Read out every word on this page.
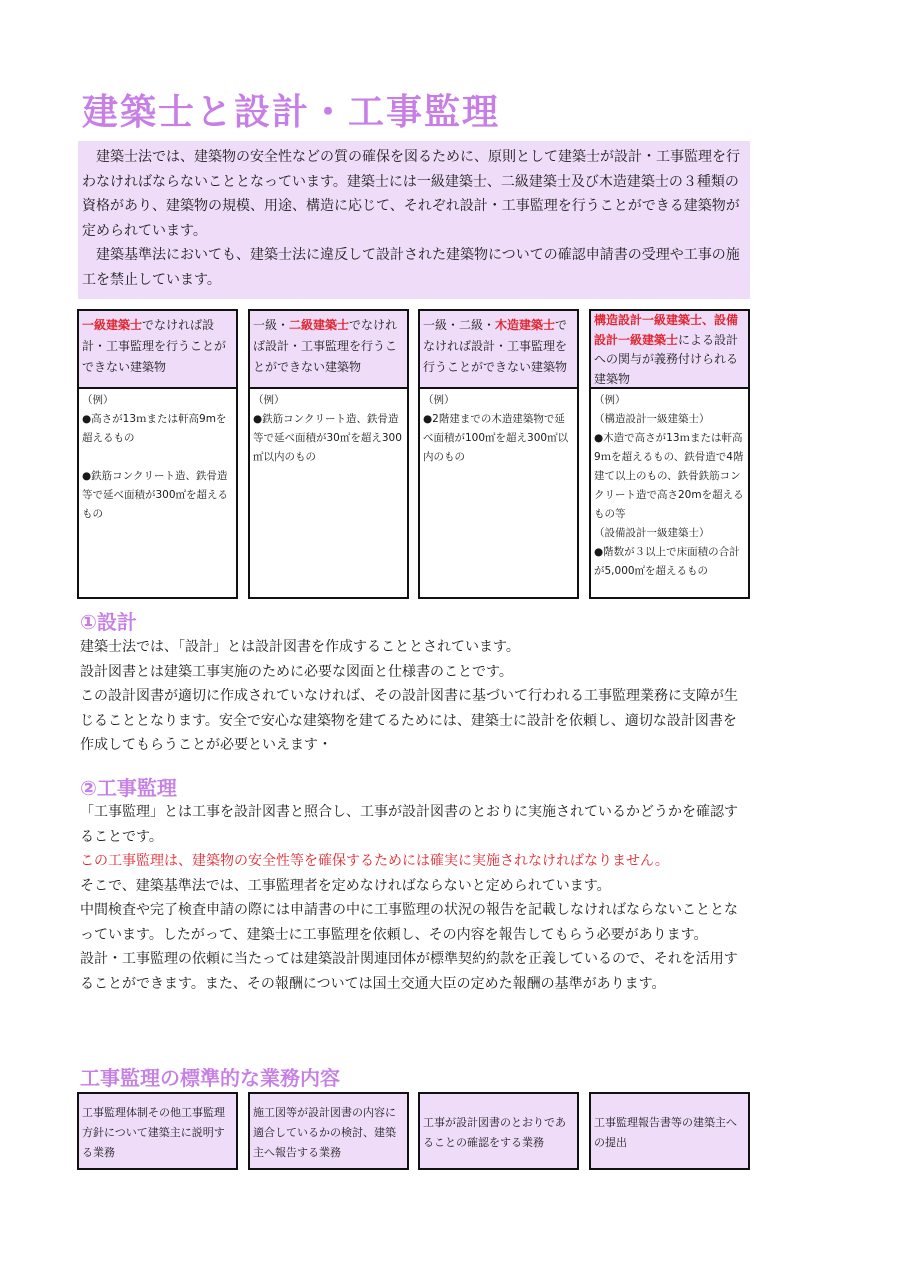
建築士と設計・工事監理

建築士法では、建築物の安全性などの質の確保を図るために、原則として建築士が設計・工事監理を行わなければならないこととなっています。建築士には一級建築士、二級建築士及び木造建築士の３種類の資格があり、建築物の規模、用途、構造に応じて、それぞれ設計・工事監理を行うことができる建築物が定められています。

建築基準法においても、建築士法に違反して設計された建築物についての確認申請書の受理や工事の施工を禁止しています。

一級建築士でなければ設計・工事監理を行うことができない建築物
（例）
●高さが13ｍまたは軒高9mを超えるもの
●鉄筋コンクリート造、鉄骨造等で延べ面積が300㎡を超えるもの
一級・二級建築士でなければ設計・工事監理を行うことができない建築物
（例）
●鉄筋コンクリート造、鉄骨造等で延べ面積が30㎡を超え300㎡以内のもの
一級・二級・木造建築士でなければ設計・工事監理を行うことができない建築物
（例）
●2階建までの木造建築物で延べ面積が100㎡を超え300㎡以内のもの
構造設計一級建築士、設備設計一級建築士による設計への関与が義務付けられる建築物
（例）
（構造設計一級建築士）
●木造で高さが13ｍまたは軒高9ｍを超えるもの、鉄骨造で4階建て以上のもの、鉄骨鉄筋コンクリート造で高さ20mを超えるもの等
（設備設計一級建築士）
●階数が３以上で床面積の合計が5,000㎡を超えるもの
①設計

建築士法では、「設計」とは設計図書を作成することとされています。

設計図書とは建築工事実施のために必要な図面と仕様書のことです。

この設計図書が適切に作成されていなければ、その設計図書に基づいて行われる工事監理業務に支障が生じることとなります。安全で安心な建築物を建てるためには、建築士に設計を依頼し、適切な設計図書を作成してもらうことが必要といえます・

②工事監理

「工事監理」とは工事を設計図書と照合し、工事が設計図書のとおりに実施されているかどうかを確認することです。

この工事監理は、建築物の安全性等を確保するためには確実に実施されなければなりません。

そこで、建築基準法では、工事監理者を定めなければならないと定められています。

中間検査や完了検査申請の際には申請書の中に工事監理の状況の報告を記載しなければならないこととなっています。したがって、建築士に工事監理を依頼し、その内容を報告してもらう必要があります。

設計・工事監理の依頼に当たっては建築設計関連団体が標準契約約款を正義しているので、それを活用することができます。また、その報酬については国土交通大臣の定めた報酬の基準があります。

工事監理の標準的な業務内容
工事監理体制その他工事監理方針について建築主に説明する業務
施工図等が設計図書の内容に適合しているかの検討、建築主へ報告する業務
工事が設計図書のとおりであることの確認をする業務
工事監理報告書等の建築主への提出
